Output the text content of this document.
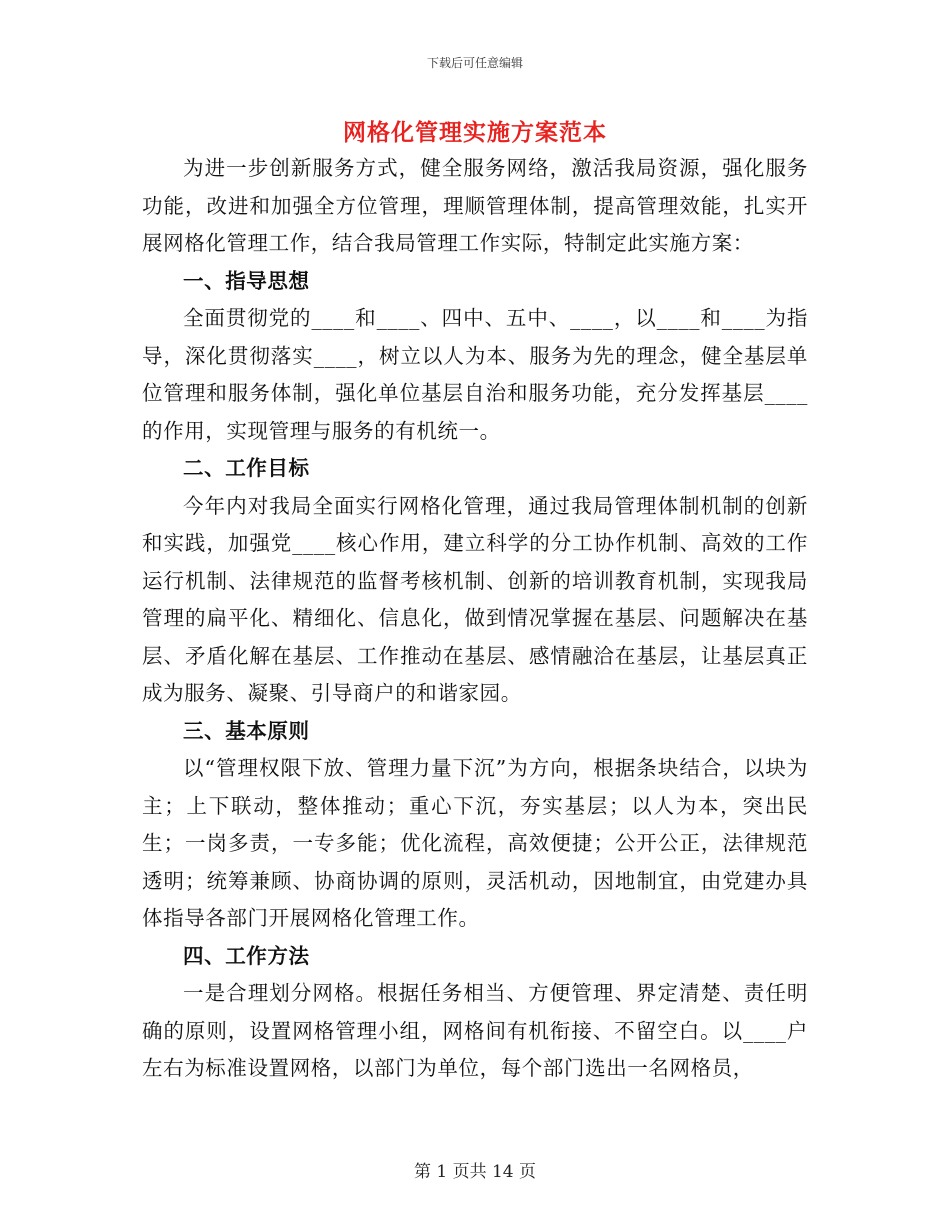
下载后可任意编辑
网格化管理实施方案范本

为进一步创新服务方式，健全服务网络，激活我局资源，强化服务功能，改进和加强全方位管理，理顺管理体制，提高管理效能，扎实开展网格化管理工作，结合我局管理工作实际，特制定此实施方案：

一、指导思想

全面贯彻党的____和____、四中、五中、____，以____和____为指导，深化贯彻落实____，树立以人为本、服务为先的理念，健全基层单位管理和服务体制，强化单位基层自治和服务功能，充分发挥基层____的作用，实现管理与服务的有机统一。

二、工作目标

今年内对我局全面实行网格化管理，通过我局管理体制机制的创新和实践，加强党____核心作用，建立科学的分工协作机制、高效的工作运行机制、法律规范的监督考核机制、创新的培训教育机制，实现我局管理的扁平化、精细化、信息化，做到情况掌握在基层、问题解决在基层、矛盾化解在基层、工作推动在基层、感情融洽在基层，让基层真正成为服务、凝聚、引导商户的和谐家园。

三、基本原则

以“管理权限下放、管理力量下沉”为方向，根据条块结合，以块为主；上下联动，整体推动；重心下沉，夯实基层；以人为本，突出民生；一岗多责，一专多能；优化流程，高效便捷；公开公正，法律规范透明；统筹兼顾、协商协调的原则，灵活机动，因地制宜，由党建办具体指导各部门开展网格化管理工作。

四、工作方法

一是合理划分网格。根据任务相当、方便管理、界定清楚、责任明确的原则，设置网格管理小组，网格间有机衔接、不留空白。以____户左右为标准设置网格，以部门为单位，每个部门选出一名网格员，

第 1 页共 14 页
